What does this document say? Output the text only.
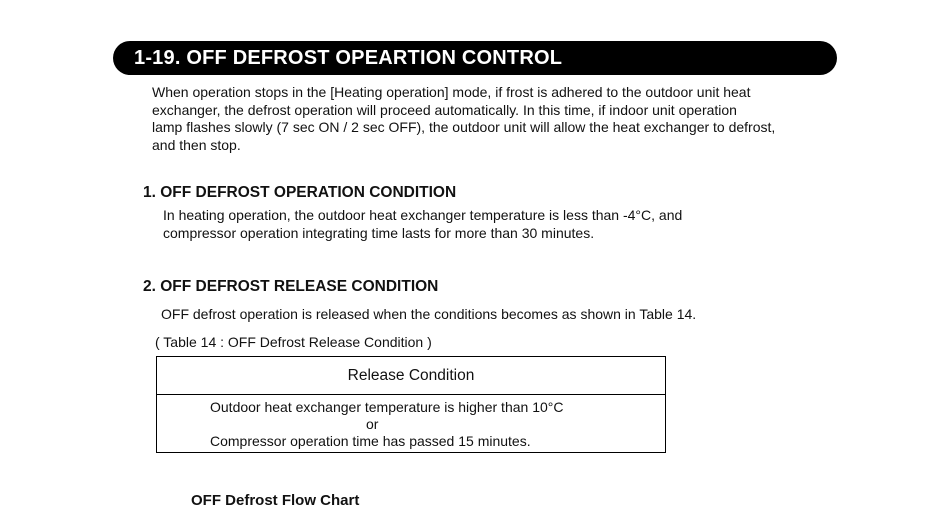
1-19. OFF DEFROST OPEARTION CONTROL

When operation stops in the [Heating operation] mode, if frost is adhered to the outdoor unit heat
exchanger, the defrost operation will proceed automatically. In this time, if indoor unit operation
lamp flashes slowly (7 sec ON / 2 sec OFF), the outdoor unit will allow the heat exchanger to defrost,
and then stop.

1. OFF DEFROST OPERATION CONDITION

In heating operation, the outdoor heat exchanger temperature is less than -4°C, and
compressor operation integrating time lasts for more than 30 minutes.

2. OFF DEFROST RELEASE CONDITION

OFF defrost operation is released when the conditions becomes as shown in Table 14.

( Table 14 : OFF Defrost Release Condition )
Release Condition
Outdoor heat exchanger temperature is higher than 10°C
or
Compressor operation time has passed 15 minutes.
OFF Defrost Flow Chart
